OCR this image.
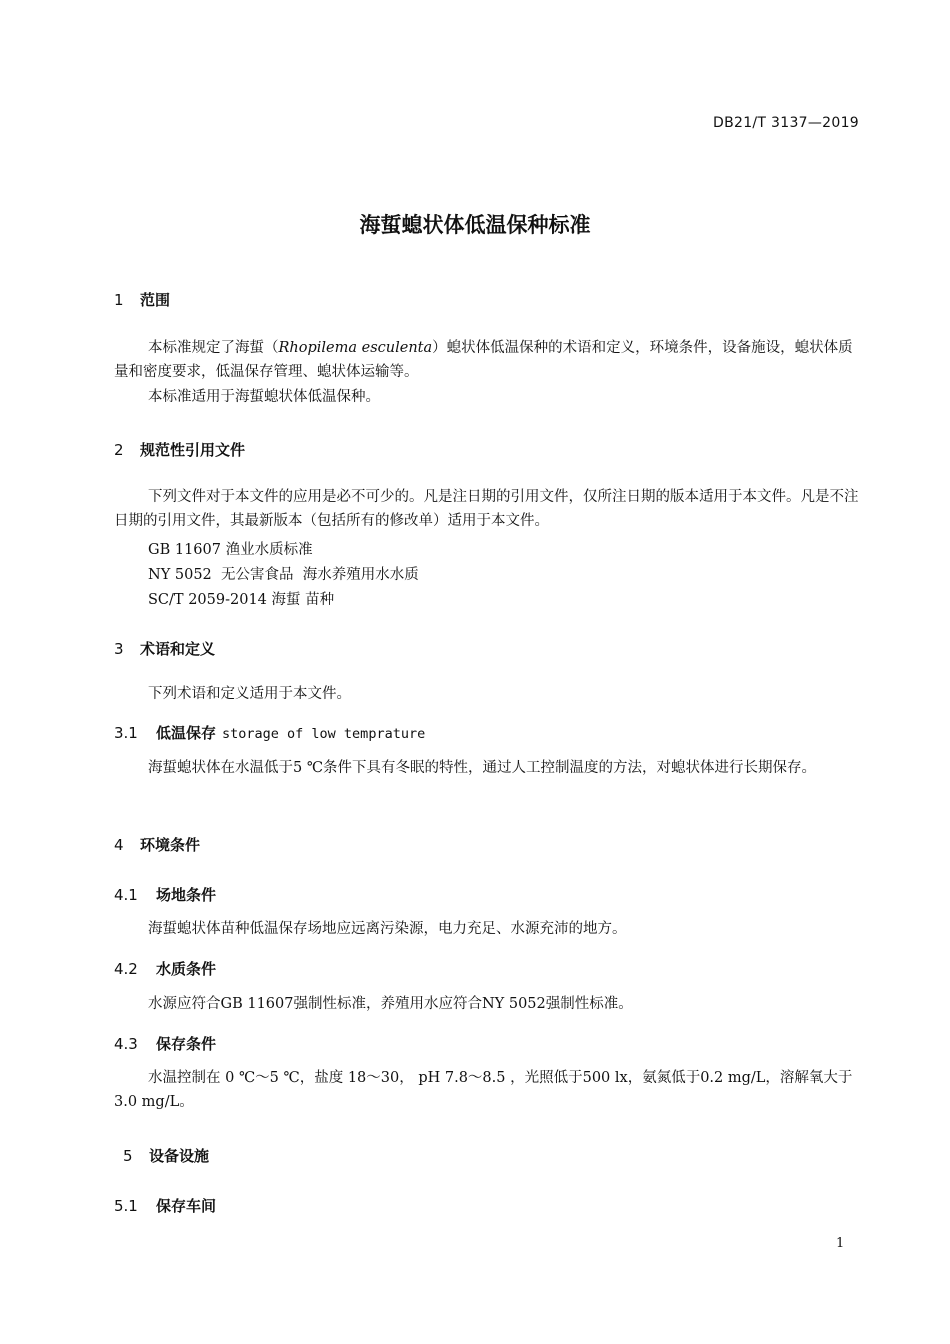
DB21/T 3137—2019
海蜇螅状体低温保种标准
1 范围
本标准规定了海蜇（Rhopilema esculenta）螅状体低温保种的术语和定义，环境条件，设备施设，螅状体质量和密度要求，低温保存管理、螅状体运输等。
本标准适用于海蜇螅状体低温保种。
2 规范性引用文件
下列文件对于本文件的应用是必不可少的。凡是注日期的引用文件，仅所注日期的版本适用于本文件。凡是不注日期的引用文件，其最新版本（包括所有的修改单）适用于本文件。
GB 11607 渔业水质标准
NY 5052  无公害食品  海水养殖用水水质
SC/T 2059-2014 海蜇 苗种
3 术语和定义
下列术语和定义适用于本文件。
3.1 低温保存 storage of low temprature
海蜇螅状体在水温低于5 ℃条件下具有冬眠的特性，通过人工控制温度的方法，对螅状体进行长期保存。
4 环境条件
4.1 场地条件
海蜇螅状体苗种低温保存场地应远离污染源，电力充足、水源充沛的地方。
4.2 水质条件
水源应符合GB 11607强制性标准，养殖用水应符合NY 5052强制性标准。
4.3 保存条件
水温控制在 0 ℃～5 ℃，盐度 18～30， pH 7.8～8.5 ，光照低于500 lx，氨氮低于0.2 mg/L，溶解氧大于3.0 mg/L。
5 设备设施
5.1 保存车间
1
